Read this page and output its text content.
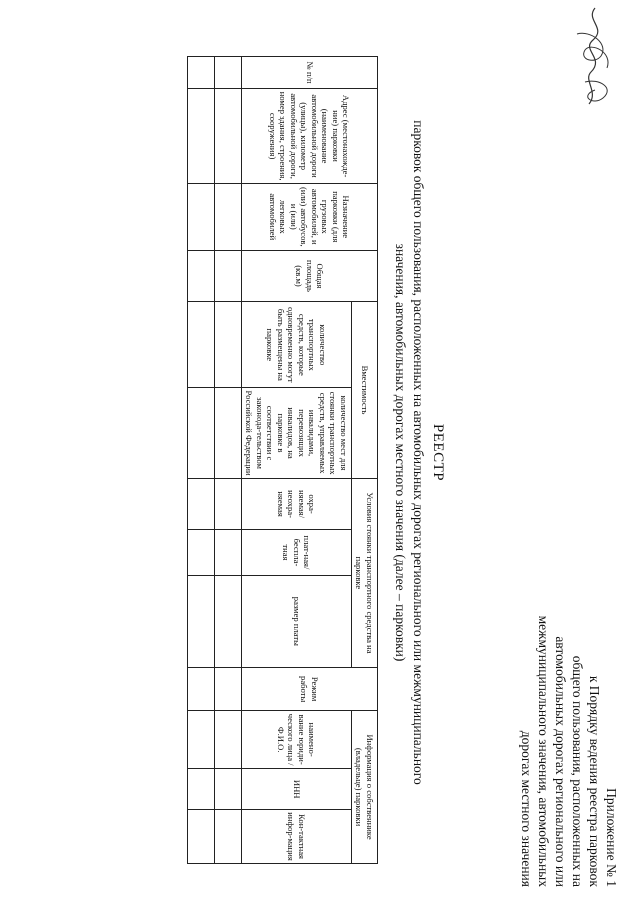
Приложение № 1
к Порядку ведения реестра парковок
общего пользования, расположенных на
автомобильных дорогах регионального или
межмуниципального значения, автомобильных
дорогах местного значения
РЕЕСТР
парковок общего пользования, расположенных на автомобильных дорогах регионального или межмуниципального
значения, автомобильных дорогах местного значения (далее – парковки)
№ п/п	Адрес (местонахожде-ние) парковки (наименование автомобильной дороги (улицы), километр автомобильной дороги, номер здания, строения, сооружения)	Назначение парковки (для грузовых автомобилей, и (или) автобусов, и (или) легковых автомобилей	Общая площадь (кв.м)	Вместимость		Условия стоянки транспортного средства на парковке			Режим работы	Информация о собственнике (владельце) парковки		
				количество транспортных средств, которые одновременно могут быть размещены на парковке	количество мест для стоянки транспортных средств, управляемых инвалидами, перевозящих инвалидов, на парковке в соответствии с законода-тельством Российской Федерации	охра-няемая/ неохра-няемая	плат-ная/ беспла-тная	размер платы		наимено-вание юриди-ческого лица / Ф.И.О.	ИНН	Кон-тактная инфор-мация
